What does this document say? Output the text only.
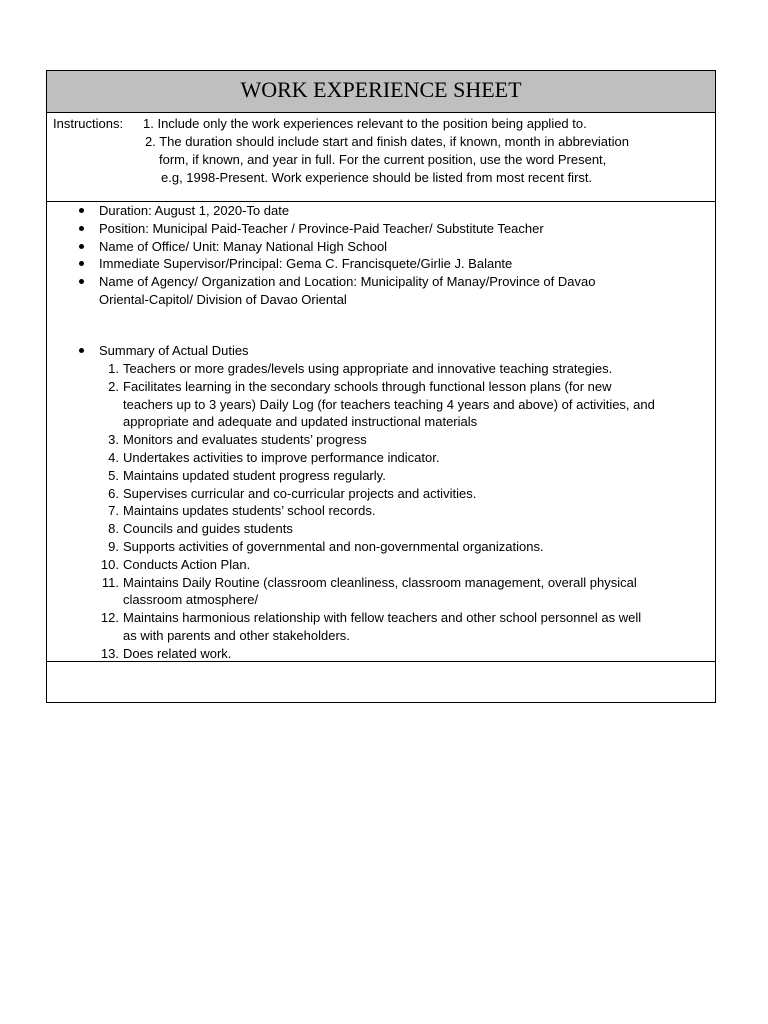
WORK EXPERIENCE SHEET
Instructions: 1. Include only the work experiences relevant to the position being applied to.
2. The duration should include start and finish dates, if known, month in abbreviation
form, if known, and year in full. For the current position, use the word Present,
e.g, 1998-Present. Work experience should be listed from most recent first.
Duration: August 1, 2020-To date
Position: Municipal Paid-Teacher / Province-Paid Teacher/ Substitute Teacher
Name of Office/ Unit: Manay National High School
Immediate Supervisor/Principal: Gema C. Francisquete/Girlie J. Balante
Name of Agency/ Organization and Location: Municipality of Manay/Province of Davao
Oriental-Capitol/ Division of Davao Oriental
Summary of Actual Duties
1. Teachers or more grades/levels using appropriate and innovative teaching strategies.
2. Facilitates learning in the secondary schools through functional lesson plans (for new
teachers up to 3 years) Daily Log (for teachers teaching 4 years and above) of activities, and
appropriate and adequate and updated instructional materials
3. Monitors and evaluates students’ progress
4. Undertakes activities to improve performance indicator.
5. Maintains updated student progress regularly.
6. Supervises curricular and co-curricular projects and activities.
7. Maintains updates students’ school records.
8. Councils and guides students
9. Supports activities of governmental and non-governmental organizations.
10. Conducts Action Plan.
11. Maintains Daily Routine (classroom cleanliness, classroom management, overall physical
classroom atmosphere/
12. Maintains harmonious relationship with fellow teachers and other school personnel as well
as with parents and other stakeholders.
13. Does related work.
